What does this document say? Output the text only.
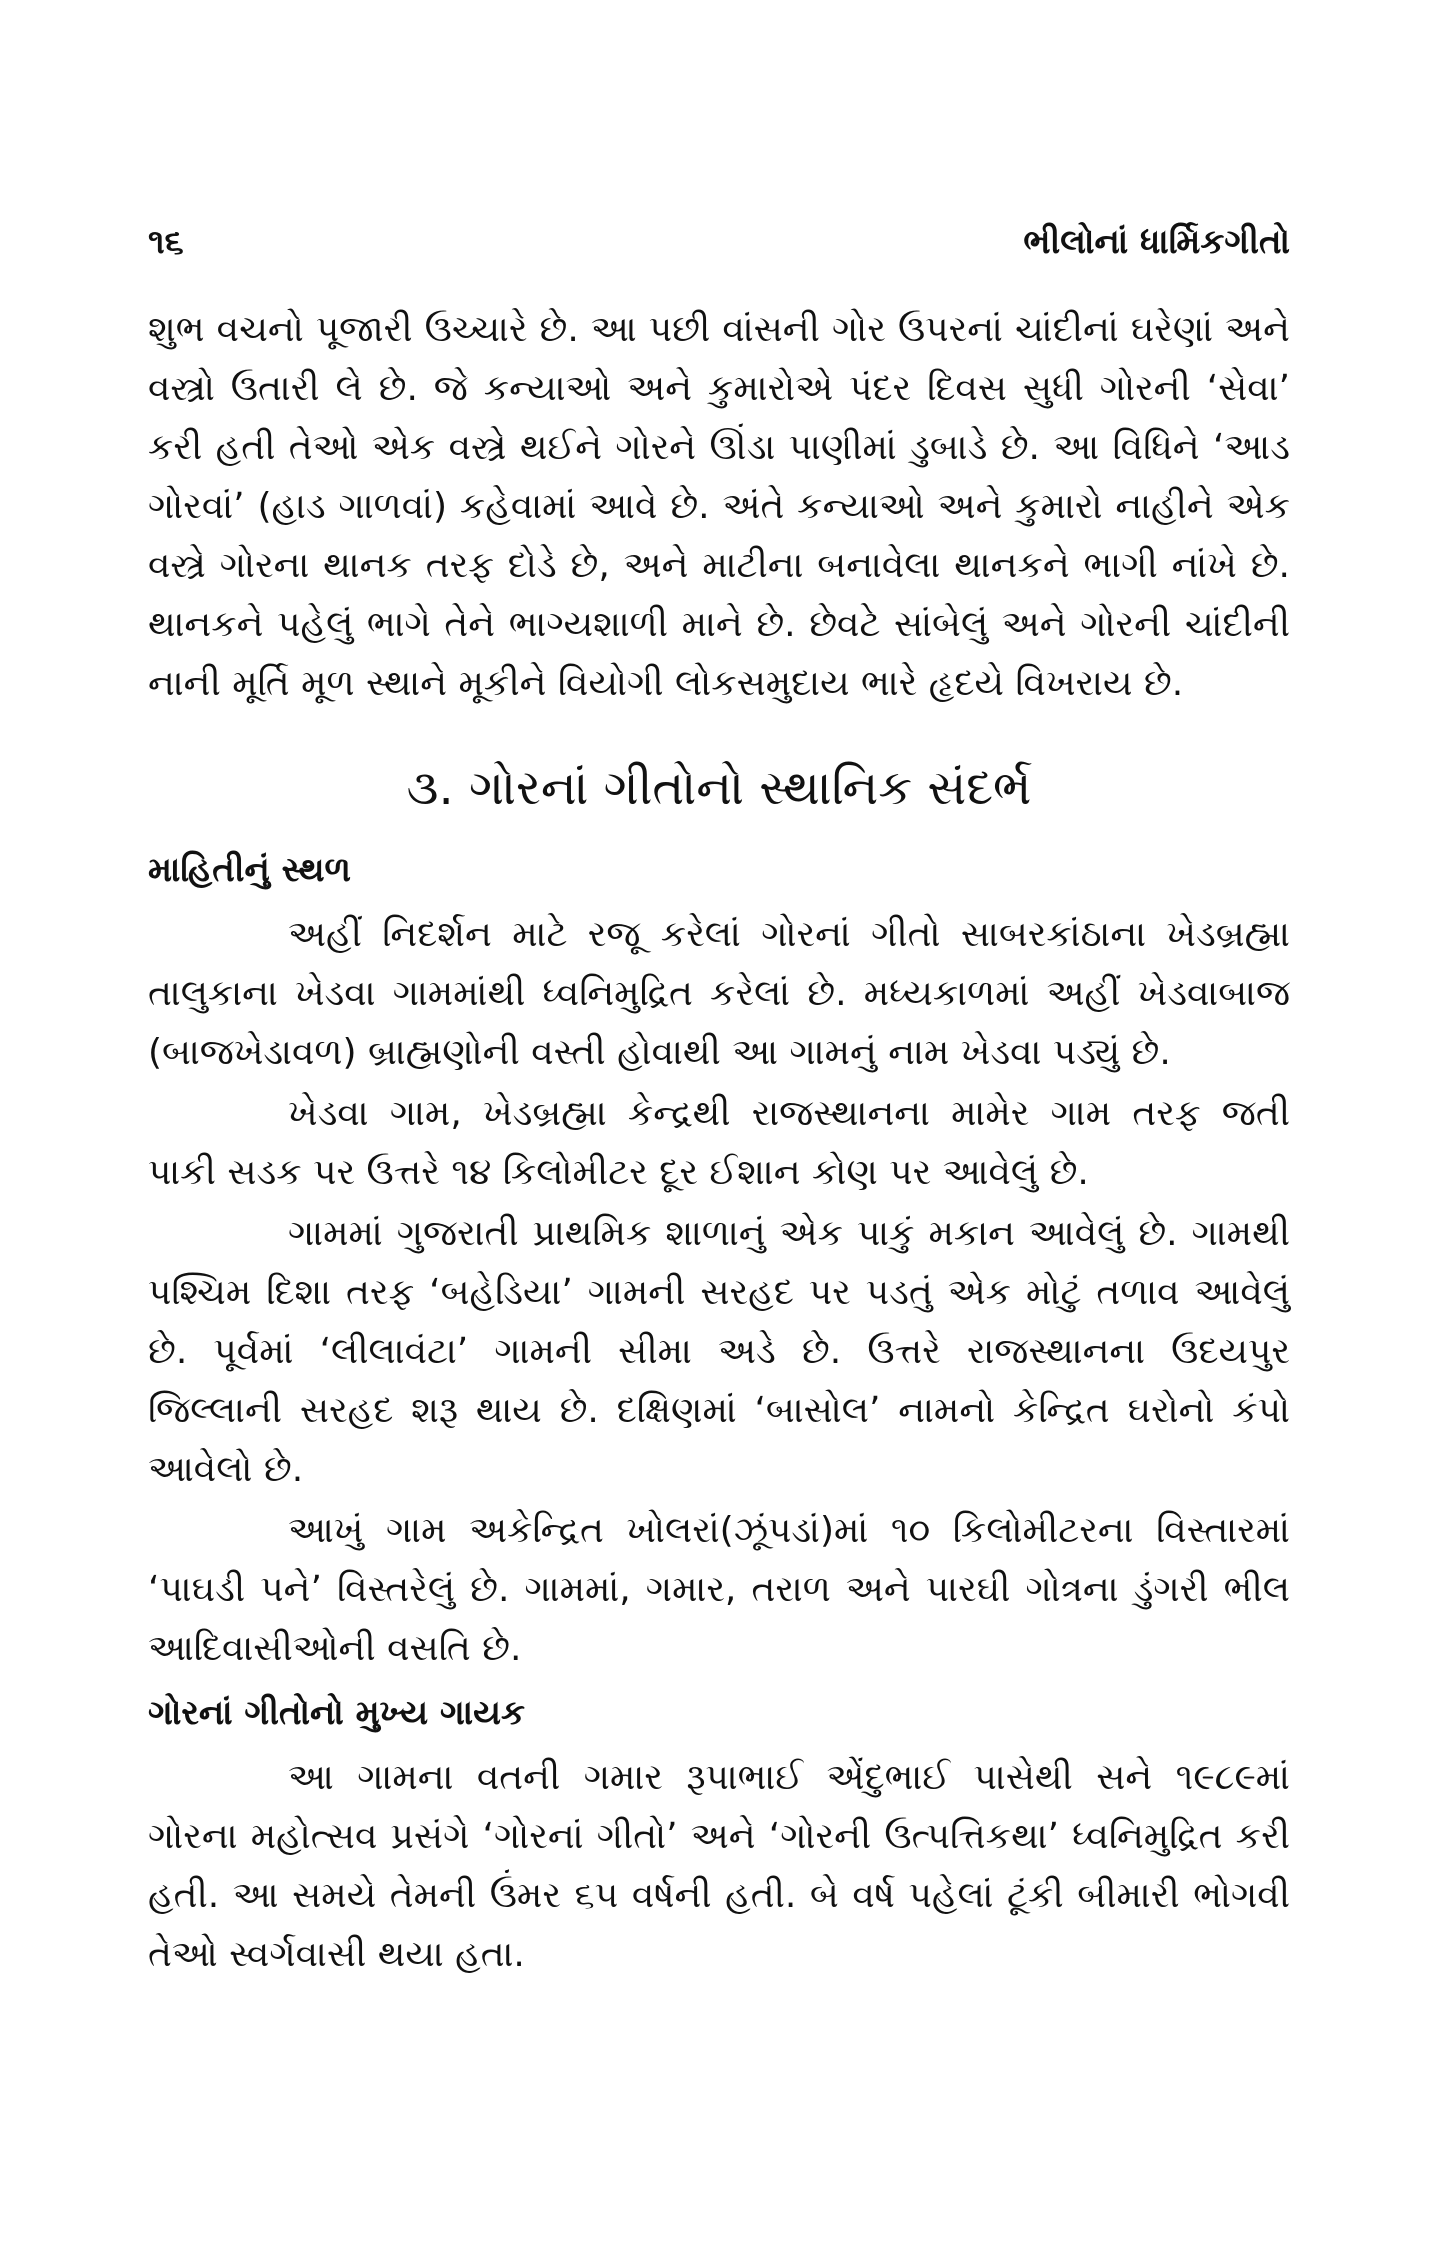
૧૬	ભીલોનાં ધાર્મિકગીતો

શુભ વચનો પૂજારી ઉચ્ચારે છે. આ પછી વાંસની ગોર ઉપરનાં ચાંદીનાં ઘરેણાં અને વસ્ત્રો ઉતારી લે છે. જે કન્યાઓ અને કુમારોએ પંદર દિવસ સુધી ગોરની ‘સેવા’ કરી હતી તેઓ એક વસ્ત્રે થઈને ગોરને ઊંડા પાણીમાં ડુબાડે છે. આ વિધિને ‘આડ ગોરવાં’ (હાડ ગાળવાં) કહેવામાં આવે છે. અંતે કન્યાઓ અને કુમારો નાહીને એક વસ્ત્રે ગોરના થાનક તરફ દોડે છે, અને માટીના બનાવેલા થાનકને ભાગી નાંખે છે. થાનકને પહેલું ભાગે તેને ભાગ્યશાળી માને છે. છેવટે સાંબેલું અને ગોરની ચાંદીની નાની મૂર્તિ મૂળ સ્થાને મૂકીને વિયોગી લોકસમુદાય ભારે હૃદયે વિખરાય છે.

૩. ગોરનાં ગીતોનો સ્થાનિક સંદર્ભ
માહિતીનું સ્થળ

અહીં નિદર્શન માટે રજૂ કરેલાં ગોરનાં ગીતો સાબરકાંઠાના ખેડબ્રહ્મા તાલુકાના ખેડવા ગામમાંથી ધ્વનિમુદ્રિત કરેલાં છે. મધ્યકાળમાં અહીં ખેડવાબાજ (બાજખેડાવળ) બ્રાહ્મણોની વસ્તી હોવાથી આ ગામનું નામ ખેડવા પડ્યું છે.

ખેડવા ગામ, ખેડબ્રહ્મા કેન્દ્રથી રાજસ્થાનના મામેર ગામ તરફ જતી પાકી સડક પર ઉત્તરે ૧૪ કિલોમીટર દૂર ઈશાન કોણ પર આવેલું છે.

ગામમાં ગુજરાતી પ્રાથમિક શાળાનું એક પાકું મકાન આવેલું છે. ગામથી પશ્ચિમ દિશા તરફ ‘બહેડિયા’ ગામની સરહદ પર પડતું એક મોટું તળાવ આવેલું છે. પૂર્વમાં ‘લીલાવંટા’ ગામની સીમા અડે છે. ઉત્તરે રાજસ્થાનના ઉદયપુર જિલ્લાની સરહદ શરૂ થાય છે. દક્ષિણમાં ‘બાસોલ’ નામનો કેન્દ્રિત ઘરોનો કંપો આવેલો છે.

આખું ગામ અકેન્દ્રિત ખોલરાં(ઝૂંપડાં)માં ૧૦ કિલોમીટરના વિસ્તારમાં ‘પાઘડી પને’ વિસ્તરેલું છે. ગામમાં, ગમાર, તરાળ અને પારઘી ગોત્રના ડુંગરી ભીલ આદિવાસીઓની વસતિ છે.

ગોરનાં ગીતોનો મુખ્ય ગાયક

આ ગામના વતની ગમાર રૂપાભાઈ એંદુભાઈ પાસેથી સને ૧૯૮૯માં ગોરના મહોત્સવ પ્રસંગે ‘ગોરનાં ગીતો’ અને ‘ગોરની ઉત્પત્તિકથા’ ધ્વનિમુદ્રિત કરી હતી. આ સમયે તેમની ઉંમર ૬૫ વર્ષની હતી. બે વર્ષ પહેલાં ટૂંકી બીમારી ભોગવી તેઓ સ્વર્ગવાસી થયા હતા.
